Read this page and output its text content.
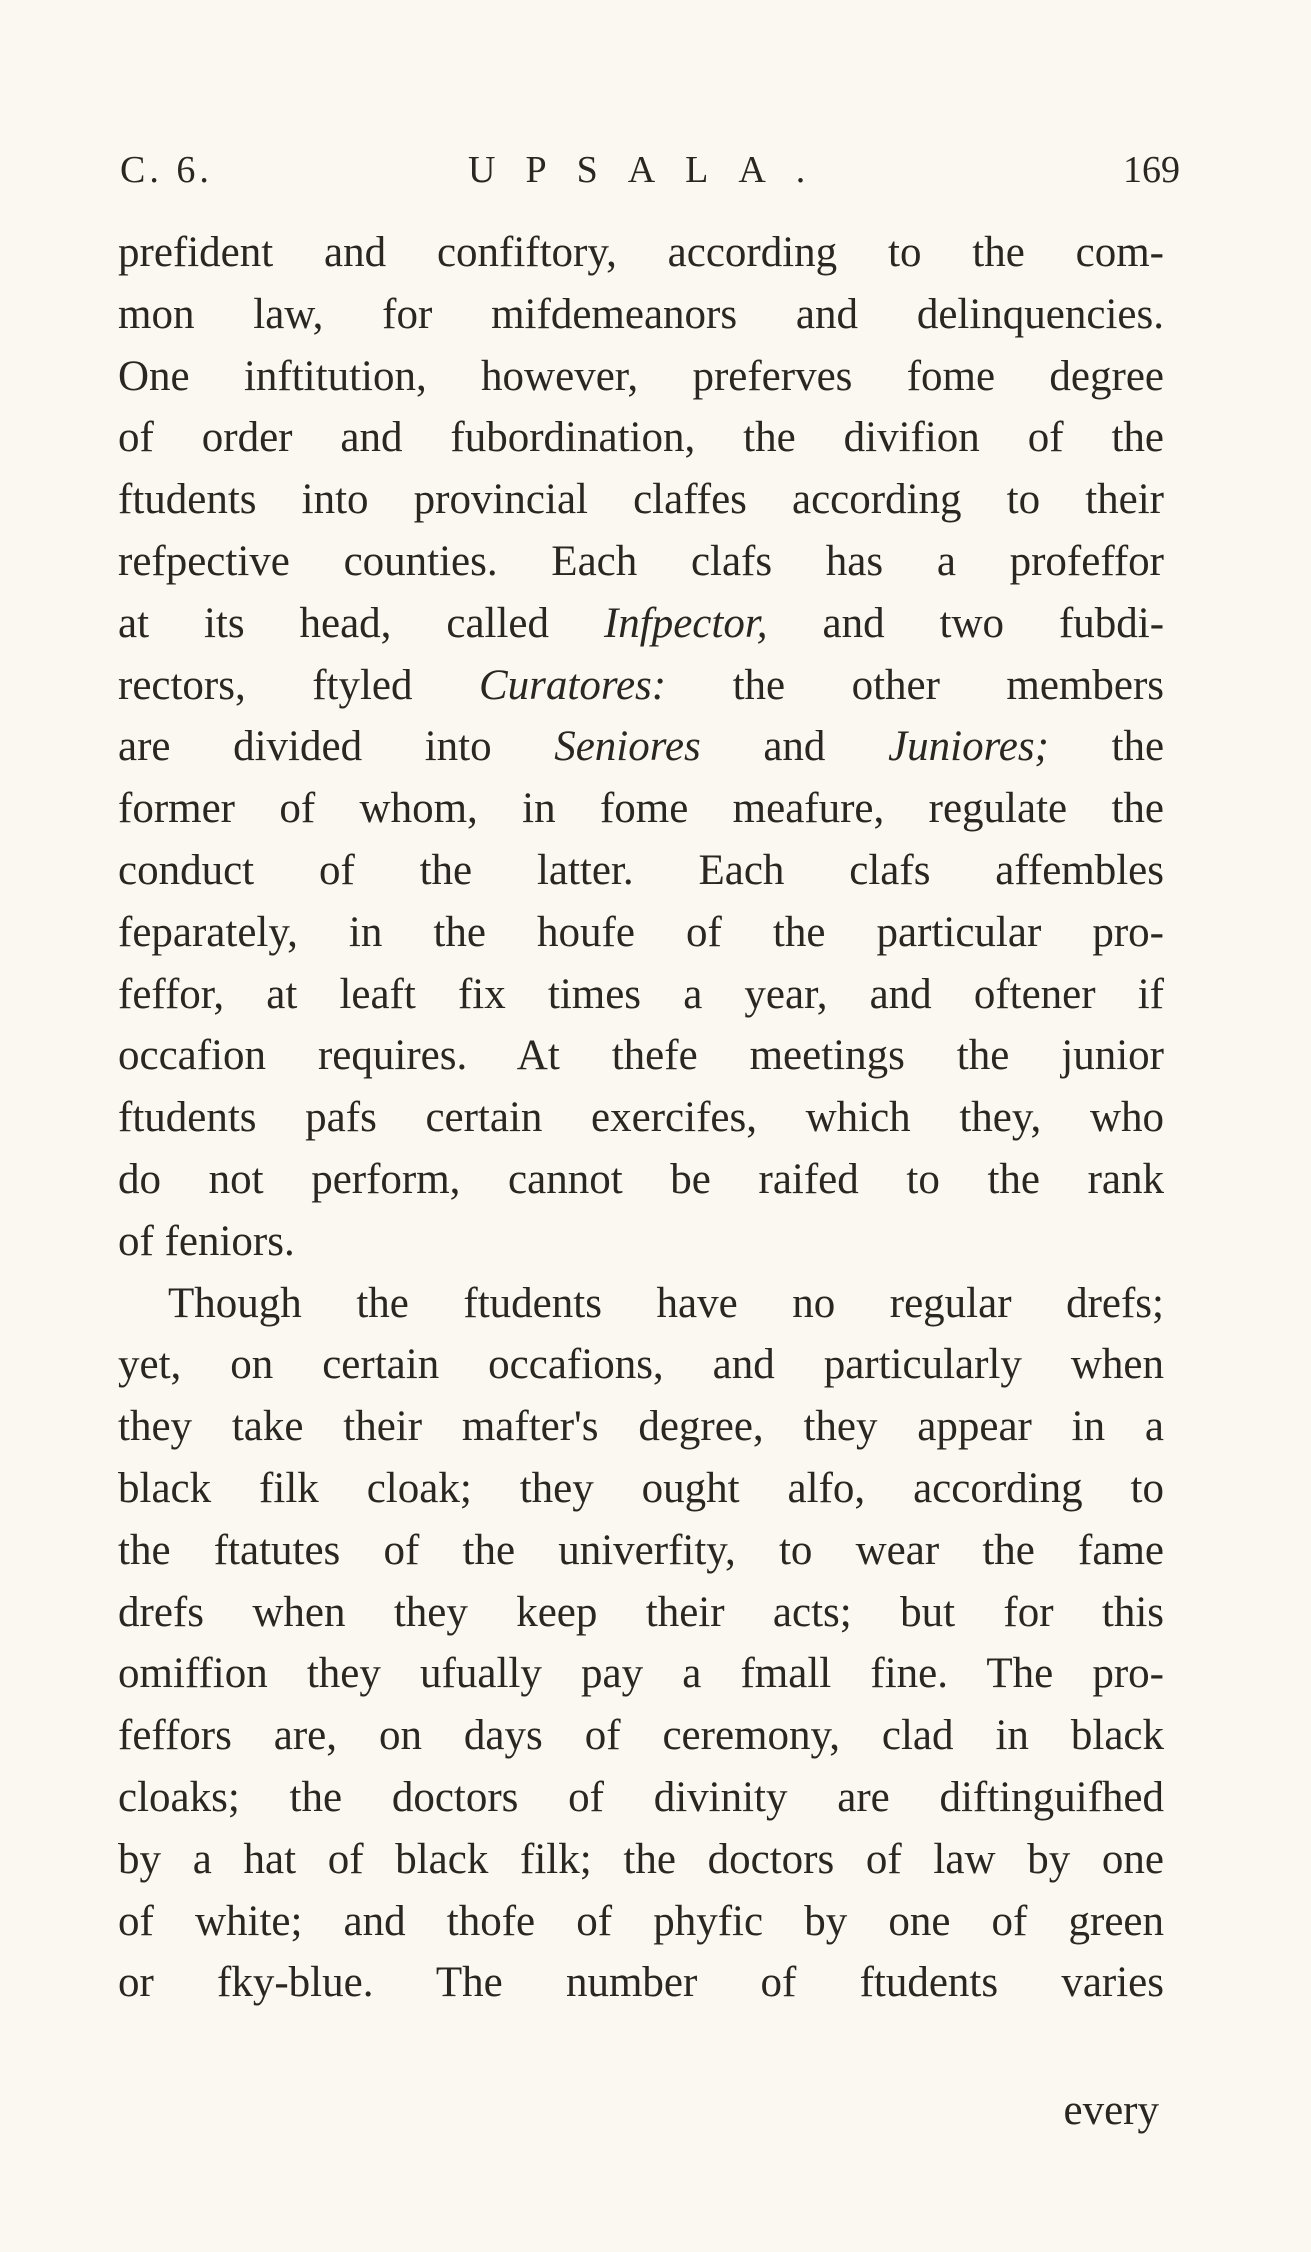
C. 6.	UPSALA.	169
prefident and confiftory, according to the com-
mon law, for mifdemeanors and delinquencies.
One inftitution, however, preferves fome degree
of order and fubordination, the divifion of the
ftudents into provincial claffes according to their
refpective counties. Each clafs has a profeffor
at its head, called Infpector, and two fubdi-
rectors, ftyled Curatores: the other members
are divided into Seniores and Juniores; the
former of whom, in fome meafure, regulate the
conduct of the latter. Each clafs affembles
feparately, in the houfe of the particular pro-
feffor, at leaft fix times a year, and oftener if
occafion requires. At thefe meetings the junior
ftudents pafs certain exercifes, which they, who
do not perform, cannot be raifed to the rank
of feniors.
Though the ftudents have no regular drefs;
yet, on certain occafions, and particularly when
they take their mafter's degree, they appear in a
black filk cloak; they ought alfo, according to
the ftatutes of the univerfity, to wear the fame
drefs when they keep their acts; but for this
omiffion they ufually pay a fmall fine. The pro-
feffors are, on days of ceremony, clad in black
cloaks; the doctors of divinity are diftinguifhed
by a hat of black filk; the doctors of law by one
of white; and thofe of phyfic by one of green
or fky-blue. The number of ftudents varies
every
